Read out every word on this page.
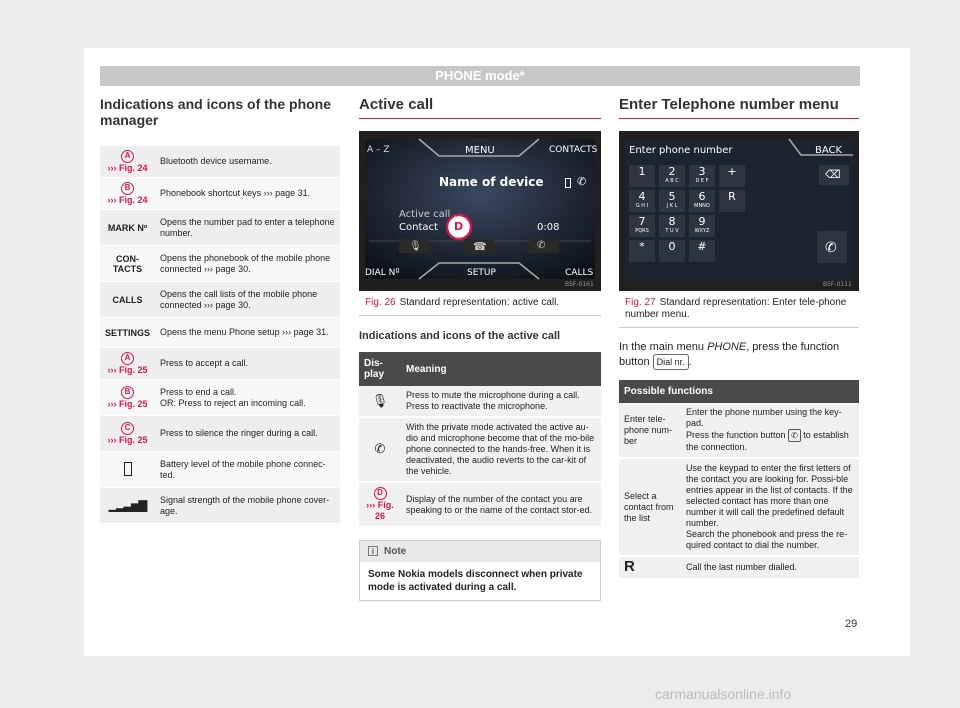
PHONE mode*
Indications and icons of the phone manager
A
››› Fig. 24	Bluetooth device username.
B
››› Fig. 24	Phonebook shortcut keys ››› page 31.
MARK Nº	Opens the number pad to enter a telephone number.
CON-
TACTS	Opens the phonebook of the mobile phone connected ››› page 30.
CALLS	Opens the call lists of the mobile phone connected ››› page 30.
SETTINGS	Opens the menu Phone setup ››› page 31.
A
››› Fig. 25	Press to accept a call.
B
››› Fig. 25	Press to end a call.
OR: Press to reject an incoming call.
C
››› Fig. 25	Press to silence the ringer during a call.
	Battery level of the mobile phone connec-ted.
▁▂▃▅▇	Signal strength of the mobile phone cover-age.
Active call
A – Z	MENU	CONTACTS
Name of device	✆
Active call ...
Contact	0:08
D
🎙	☎	✆
DIAL Nº	SETUP	CALLS
B5F-0161
Fig. 26 Standard representation: active call.
Indications and icons of the active call
Dis-
play	Meaning
🎙	Press to mute the microphone during a call. Press to reactivate the microphone.
✆	With the private mode activated the active au-dio and microphone become that of the mo-bile phone connected to the hands-free. When it is deactivated, the audio reverts to the car-kit of the vehicle.
D
››› Fig. 26	Display of the number of the contact you are speaking to or the name of the contact stor-ed.
i Note
Some Nokia models disconnect when private mode is activated during a call.
Enter Telephone number menu
Enter phone number	BACK
⌫
1	2
A B C
3
D E F
+
4
G H I
5
J K L
6
MNNO
R
7
PQRS
8
T U V
9
WXYZ
*	0	#	✆
B5F-0111
Fig. 27 Standard representation: Enter tele-phone number menu.
In the main menu PHONE, press the function button Dial nr. .
Possible functions	
Enter tele-phone num-ber	Enter the phone number using the key-pad.
Press the function button ✆ to establish the connection.
Select a contact from the list	Use the keypad to enter the first letters of the contact you are looking for. Possi-ble entries appear in the list of contacts. If the selected contact has more than one number it will call the predefined default number.
Search the phonebook and press the re-quired contact to dial the number.
R	Call the last number dialled.
29
carmanualsonline.info
